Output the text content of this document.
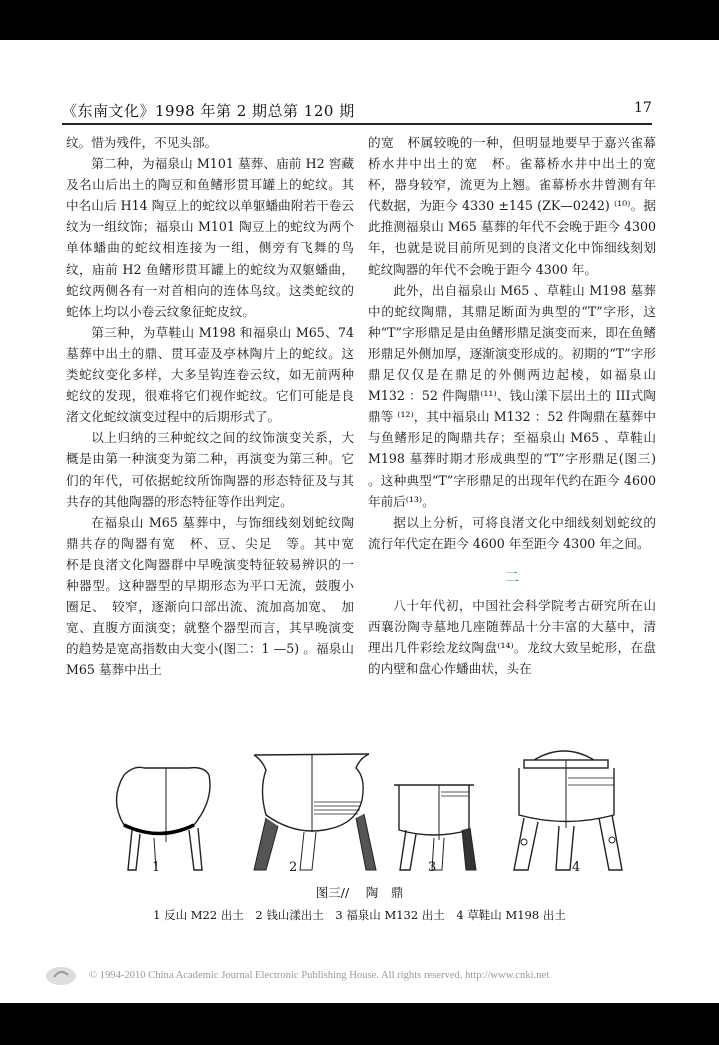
《东南文化》1998 年第 2 期总第 120 期	17

纹。惜为残件，不见头部。

第二种，为福泉山 M101 墓葬、庙前 H2 窖藏及名山后出土的陶豆和鱼鳍形贯耳罐上的蛇纹。其中名山后 H14 陶豆上的蛇纹以单躯蟠曲附若干卷云纹为一组纹饰；福泉山 M101 陶豆上的蛇纹为两个单体蟠曲的蛇纹相连接为一组，侧旁有飞舞的鸟纹，庙前 H2 鱼鳍形贯耳罐上的蛇纹为双躯蟠曲，蛇纹两侧各有一对首相向的连体鸟纹。这类蛇纹的蛇体上均以小卷云纹象征蛇皮纹。

第三种，为草鞋山 M198 和福泉山 M65、74 墓葬中出土的鼎、贯耳壶及亭林陶片上的蛇纹。这类蛇纹变化多样，大多呈钩连卷云纹，如无前两种蛇纹的发现，很难将它们视作蛇纹。它们可能是良渚文化蛇纹演变过程中的后期形式了。

以上归纳的三种蛇纹之间的纹饰演变关系，大概是由第一种演变为第二种，再演变为第三种。它们的年代，可依据蛇纹所饰陶器的形态特征及与其共存的其他陶器的形态特征等作出判定。

在福泉山 M65 墓葬中，与饰细线刻划蛇纹陶鼎共存的陶器有宽　杯、豆、尖足　等。其中宽　杯是良渚文化陶器群中早晚演变特征较易辨识的一种器型。这种器型的早期形态为平口无流，鼓腹小圈足、　较窄，逐渐向口部出流、流加高加宽、　加宽、直腹方面演变；就整个器型而言，其早晚演变的趋势是宽高指数由大变小(图二：1 —5) 。福泉山 M65 墓葬中出土

的宽　杯属较晚的一种，但明显地要早于嘉兴雀幕桥水井中出土的宽　杯。雀幕桥水井中出土的宽　杯，器身较窄，流更为上翘。雀幕桥水井曾测有年代数据，为距今 4330 ±145 (ZK—0242) ⁽¹⁰⁾。据此推测福泉山 M65 墓葬的年代不会晚于距今 4300 年，也就是说目前所见到的良渚文化中饰细线刻划蛇纹陶器的年代不会晚于距今 4300 年。

此外，出自福泉山 M65 、草鞋山 M198 墓葬中的蛇纹陶鼎，其鼎足断面为典型的“T”字形，这种“T”字形鼎足是由鱼鳍形鼎足演变而来，即在鱼鳍形鼎足外侧加厚，逐渐演变形成的。初期的“T”字形鼎足仅仅是在鼎足的外侧两边起棱，如福泉山 M132 ：52 件陶鼎⁽¹¹⁾、钱山漾下层出土的 III式陶鼎等 ⁽¹²⁾，其中福泉山 M132 ：52 件陶鼎在墓葬中与鱼鳍形足的陶鼎共存；至福泉山 M65 、草鞋山 M198 墓葬时期才形成典型的“T”字形鼎足(图三) 。这种典型“T”字形鼎足的出现年代约在距今 4600 年前后⁽¹³⁾。

据以上分析，可将良渚文化中细线刻划蛇纹的流行年代定在距今 4600 年至距今 4300 年之间。

二

八十年代初，中国社会科学院考古研究所在山西襄汾陶寺墓地几座随葬品十分丰富的大墓中，清理出几件彩绘龙纹陶盘⁽¹⁴⁾。龙纹大致呈蛇形，在盘的内壁和盘心作蟠曲状，头在

1	2	3	4
图三// 　陶　鼎
1 反山 M22 出土　2 钱山漾出土　3 福泉山 M132 出土　4 草鞋山 M198 出土
© 1994-2010 China Academic Journal Electronic Publishing House. All rights reserved. http://www.cnki.net
